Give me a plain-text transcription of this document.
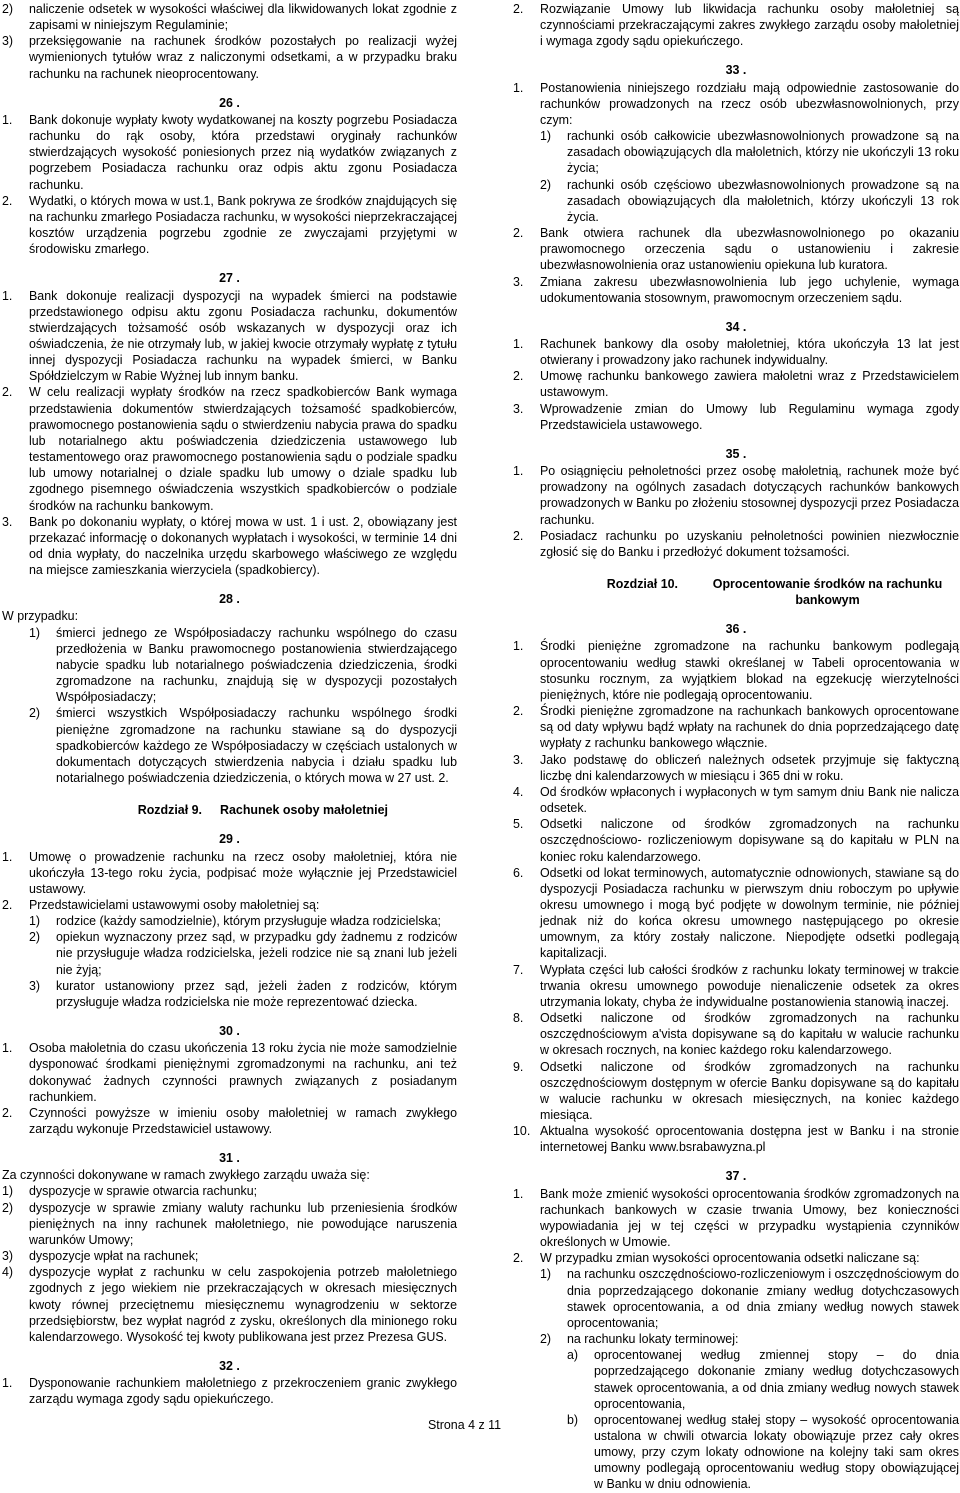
2) naliczenie odsetek w wysokości właściwej dla likwidowanych lokat zgodnie z zapisami w niniejszym Regulaminie;
3) przeksięgowanie na rachunek środków pozostałych po realizacji wyżej wymienionych tytułów wraz z naliczonymi odsetkami, a w przypadku braku rachunku na rachunek nieoprocentowany.

26 .

1. Bank dokonuje wypłaty kwoty wydatkowanej na koszty pogrzebu Posiadacza rachunku do rąk osoby, która przedstawi oryginały rachunków stwierdzających wysokość poniesionych przez nią wydatków związanych z pogrzebem Posiadacza rachunku oraz odpis aktu zgonu Posiadacza rachunku.
2. Wydatki, o których mowa w ust.1, Bank pokrywa ze środków znajdujących się na rachunku zmarłego Posiadacza rachunku, w wysokości nieprzekraczającej kosztów urządzenia pogrzebu zgodnie ze zwyczajami przyjętymi w środowisku zmarłego.

27 .

1. Bank dokonuje realizacji dyspozycji na wypadek śmierci na podstawie przedstawionego odpisu aktu zgonu Posiadacza rachunku, dokumentów stwierdzających tożsamość osób wskazanych w dyspozycji oraz ich oświadczenia, że nie otrzymały lub, w jakiej kwocie otrzymały wypłatę z tytułu innej dyspozycji Posiadacza rachunku na wypadek śmierci, w Banku Spółdzielczym w Rabie Wyżnej lub innym banku.
2. W celu realizacji wypłaty środków na rzecz spadkobierców Bank wymaga przedstawienia dokumentów stwierdzających tożsamość spadkobierców, prawomocnego postanowienia sądu o stwierdzeniu nabycia prawa do spadku lub notarialnego aktu poświadczenia dziedziczenia ustawowego lub testamentowego oraz prawomocnego postanowienia sądu o podziale spadku lub umowy notarialnej o dziale spadku lub umowy o dziale spadku lub zgodnego pisemnego oświadczenia wszystkich spadkobierców o podziale środków na rachunku bankowym.
3. Bank po dokonaniu wypłaty, o której mowa w ust. 1 i ust. 2, obowiązany jest przekazać informację o dokonanych wypłatach i wysokości, w terminie 14 dni od dnia wypłaty, do naczelnika urzędu skarbowego właściwego ze względu na miejsce zamieszkania wierzyciela (spadkobiercy).

28 .

W przypadku:

1) śmierci jednego ze Współposiadaczy rachunku wspólnego do czasu przedłożenia w Banku prawomocnego postanowienia stwierdzającego nabycie spadku lub notarialnego poświadczenia dziedziczenia, środki zgromadzone na rachunku, znajdują się w dyspozycji pozostałych Współposiadaczy;
2) śmierci wszystkich Współposiadaczy rachunku wspólnego środki pieniężne zgromadzone na rachunku stawiane są do dyspozycji spadkobierców każdego ze Współposiadaczy w częściach ustalonych w dokumentach dotyczących stwierdzenia nabycia i działu spadku lub notarialnego poświadczenia dziedziczenia, o których mowa w 27 ust. 2.
Rozdział 9.	Rachunek osoby małoletniej

29 .

1. Umowę o prowadzenie rachunku na rzecz osoby małoletniej, która nie ukończyła 13-tego roku życia, podpisać może wyłącznie jej Przedstawiciel ustawowy.
2. Przedstawicielami ustawowymi osoby małoletniej są:
1) rodzice (każdy samodzielnie), którym przysługuje władza rodzicielska;
2) opiekun wyznaczony przez sąd, w przypadku gdy żadnemu z rodziców nie przysługuje władza rodzicielska, jeżeli rodzice nie są znani lub jeżeli nie żyją;
3) kurator ustanowiony przez sąd, jeżeli żaden z rodziców, którym przysługuje władza rodzicielska nie może reprezentować dziecka.

30 .

1. Osoba małoletnia do czasu ukończenia 13 roku życia nie może samodzielnie dysponować środkami pieniężnymi zgromadzonymi na rachunku, ani też dokonywać żadnych czynności prawnych związanych z posiadanym rachunkiem.
2. Czynności powyższe w imieniu osoby małoletniej w ramach zwykłego zarządu wykonuje Przedstawiciel ustawowy.

31 .

Za czynności dokonywane w ramach zwykłego zarządu uważa się:

1) dyspozycje w sprawie otwarcia rachunku;
2) dyspozycje w sprawie zmiany waluty rachunku lub przeniesienia środków pieniężnych na inny rachunek małoletniego, nie powodujące naruszenia warunków Umowy;
3) dyspozycje wpłat na rachunek;
4) dyspozycje wypłat z rachunku w celu zaspokojenia potrzeb małoletniego zgodnych z jego wiekiem nie przekraczających w okresach miesięcznych kwoty równej przeciętnemu miesięcznemu wynagrodzeniu w sektorze przedsiębiorstw, bez wypłat nagród z zysku, określonych dla minionego roku kalendarzowego. Wysokość tej kwoty publikowana jest przez Prezesa GUS.

32 .

1. Dysponowanie rachunkiem małoletniego z przekroczeniem granic zwykłego zarządu wymaga zgody sądu opiekuńczego.
2. Rozwiązanie Umowy lub likwidacja rachunku osoby małoletniej są czynnościami przekraczającymi zakres zwykłego zarządu osoby małoletniej i wymaga zgody sądu opiekuńczego.

33 .

1. Postanowienia niniejszego rozdziału mają odpowiednie zastosowanie do rachunków prowadzonych na rzecz osób ubezwłasnowolnionych, przy czym:
1) rachunki osób całkowicie ubezwłasnowolnionych prowadzone są na zasadach obowiązujących dla małoletnich, którzy nie ukończyli 13 roku życia;
2) rachunki osób częściowo ubezwłasnowolnionych prowadzone są na zasadach obowiązujących dla małoletnich, którzy ukończyli 13 rok życia.
2. Bank otwiera rachunek dla ubezwłasnowolnionego po okazaniu prawomocnego orzeczenia sądu o ustanowieniu i zakresie ubezwłasnowolnienia oraz ustanowieniu opiekuna lub kuratora.
3. Zmiana zakresu ubezwłasnowolnienia lub jego uchylenie, wymaga udokumentowania stosownym, prawomocnym orzeczeniem sądu.

34 .

1. Rachunek bankowy dla osoby małoletniej, która ukończyła 13 lat jest otwierany i prowadzony jako rachunek indywidualny.
2. Umowę rachunku bankowego zawiera małoletni wraz z Przedstawicielem ustawowym.
3. Wprowadzenie zmian do Umowy lub Regulaminu wymaga zgody Przedstawiciela ustawowego.

35 .

1. Po osiągnięciu pełnoletności przez osobę małoletnią, rachunek może być prowadzony na ogólnych zasadach dotyczących rachunków bankowych prowadzonych w Banku po złożeniu stosownej dyspozycji przez Posiadacza rachunku.
2. Posiadacz rachunku po uzyskaniu pełnoletności powinien niezwłocznie zgłosić się do Banku i przedłożyć dokument tożsamości.
Rozdział 10.	Oprocentowanie środków na rachunku bankowym

36 .

1. Środki pieniężne zgromadzone na rachunku bankowym podlegają oprocentowaniu według stawki określanej w Tabeli oprocentowania w stosunku rocznym, za wyjątkiem blokad na egzekucję wierzytelności pieniężnych, które nie podlegają oprocentowaniu.
2. Środki pieniężne zgromadzone na rachunkach bankowych oprocentowane są od daty wpływu bądź wpłaty na rachunek do dnia poprzedzającego datę wypłaty z rachunku bankowego włącznie.
3. Jako podstawę do obliczeń należnych odsetek przyjmuje się faktyczną liczbę dni kalendarzowych w miesiącu i 365 dni w roku.
4. Od środków wpłaconych i wypłaconych w tym samym dniu Bank nie nalicza odsetek.
5. Odsetki naliczone od środków zgromadzonych na rachunku oszczędnościowo- rozliczeniowym dopisywane są do kapitału w PLN na koniec roku kalendarzowego.
6. Odsetki od lokat terminowych, automatycznie odnowionych, stawiane są do dyspozycji Posiadacza rachunku w pierwszym dniu roboczym po upływie okresu umownego i mogą być podjęte w dowolnym terminie, nie później jednak niż do końca okresu umownego następującego po okresie umownym, za który zostały naliczone. Niepodjęte odsetki podlegają kapitalizacji.
7. Wypłata części lub całości środków z rachunku lokaty terminowej w trakcie trwania okresu umownego powoduje nienaliczenie odsetek za okres utrzymania lokaty, chyba że indywidualne postanowienia stanowią inaczej.
8. Odsetki naliczone od środków zgromadzonych na rachunku oszczędnościowym a'vista dopisywane są do kapitału w walucie rachunku w okresach rocznych, na koniec każdego roku kalendarzowego.
9. Odsetki naliczone od środków zgromadzonych na rachunku oszczędnościowym dostępnym w ofercie Banku dopisywane są do kapitału w walucie rachunku w okresach miesięcznych, na koniec każdego miesiąca.
10. Aktualna wysokość oprocentowania dostępna jest w Banku i na stronie internetowej Banku www.bsrabawyzna.pl

37 .

1. Bank może zmienić wysokości oprocentowania środków zgromadzonych na rachunkach bankowych w czasie trwania Umowy, bez konieczności wypowiadania jej w tej części w przypadku wystąpienia czynników określonych w Umowie.
2. W przypadku zmian wysokości oprocentowania odsetki naliczane są:
1) na rachunku oszczędnościowo-rozliczeniowym i oszczędnościowym do dnia poprzedzającego dokonanie zmiany według dotychczasowych stawek oprocentowania, a od dnia zmiany według nowych stawek oprocentowania;
2) na rachunku lokaty terminowej:
a) oprocentowanej według zmiennej stopy – do dnia poprzedzającego dokonanie zmiany według dotychczasowych stawek oprocentowania, a od dnia zmiany według nowych stawek oprocentowania,
b) oprocentowanej według stałej stopy – wysokość oprocentowania ustalona w chwili otwarcia lokaty obowiązuje przez cały okres umowy, przy czym lokaty odnowione na kolejny taki sam okres umowny podlegają oprocentowaniu według stopy obowiązującej w Banku w dniu odnowienia.
Strona 4 z 11
